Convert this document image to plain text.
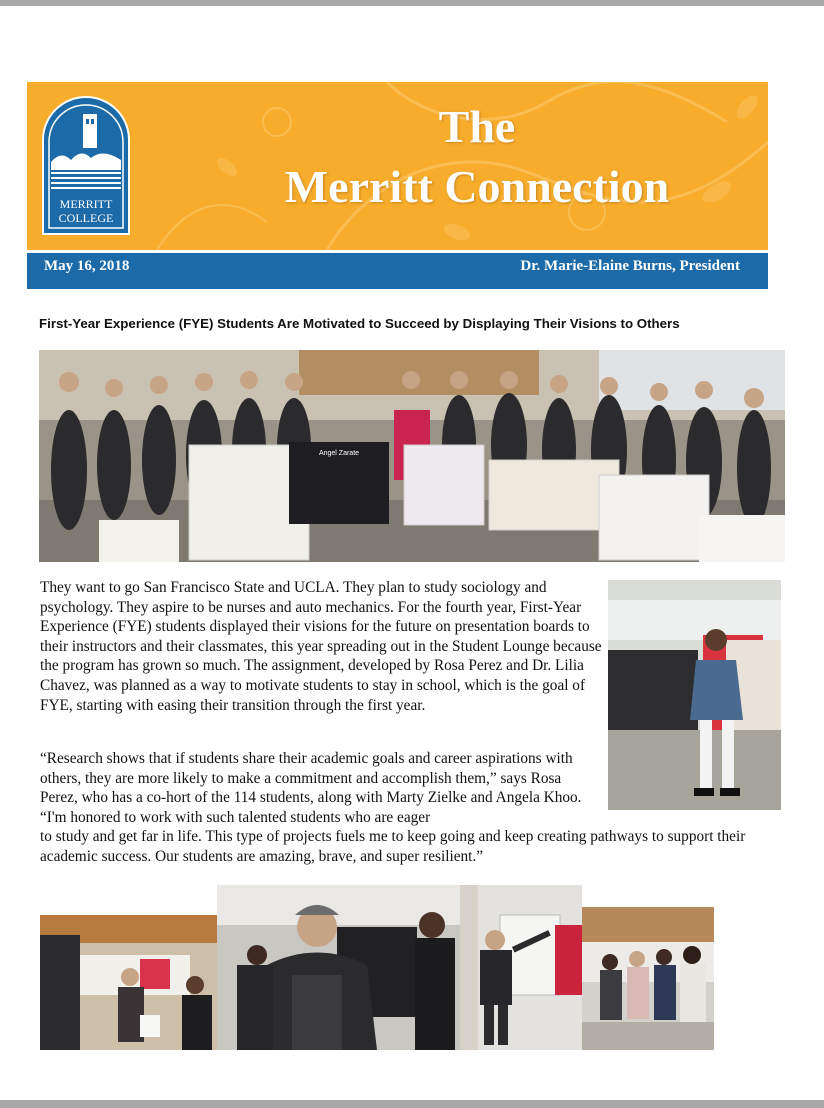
MERRITT
COLLEGE
The
Merritt Connection
May 16, 2018	Dr. Marie-Elaine Burns, President
First-Year Experience (FYE) Students Are Motivated to Succeed by Displaying Their Visions to Others
Angel Zarate
They want to go San Francisco State and UCLA. They plan to study sociology and psychology. They aspire to be nurses and auto mechanics. For the fourth year, First-Year Experience (FYE) students displayed their visions for the future on presentation boards to their instructors and their classmates, this year spreading out in the Student Lounge because the program has grown so much. The assignment, developed by Rosa Perez and Dr. Lilia Chavez, was planned as a way to motivate students to stay in school, which is the goal of FYE, starting with easing their transition through the first year.
“Research shows that if students share their academic goals and career aspirations with others, they are more likely to make a commitment and accomplish them,” says Rosa Perez, who has a co-hort of the 114 students, along with Marty Zielke and Angela Khoo. “I'm honored to work with such talented students who are eager
to study and get far in life. This type of projects fuels me to keep going and keep creating pathways to support their academic success. Our students are amazing, brave, and super resilient.”
